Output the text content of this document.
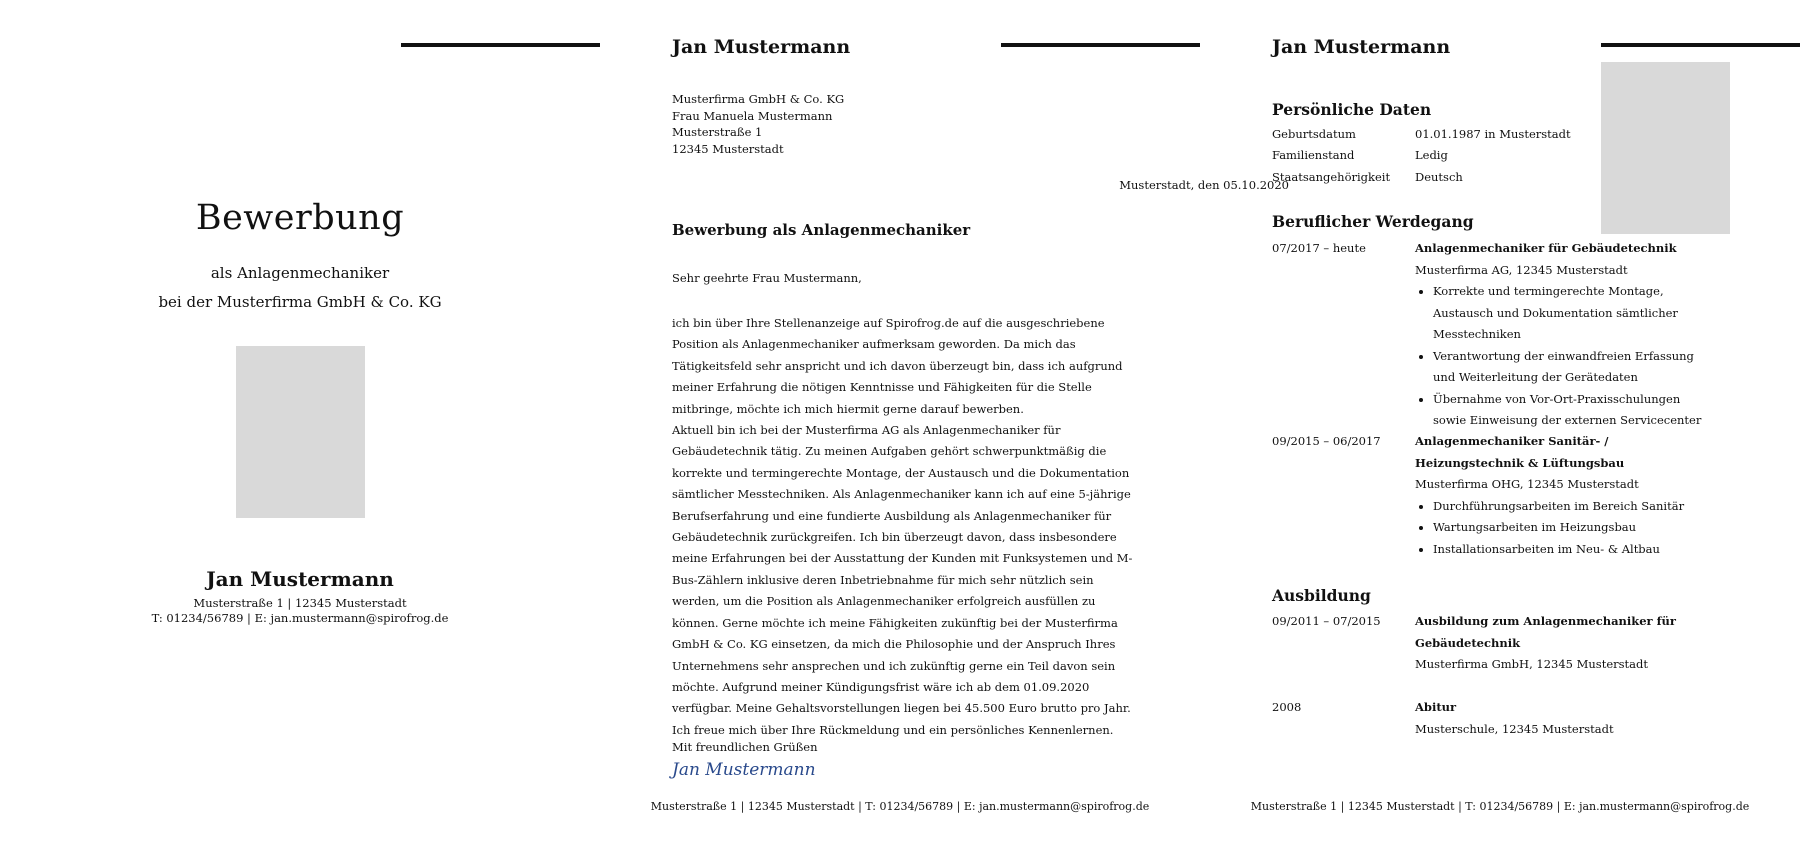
Bewerbung
als Anlagenmechaniker
bei der Musterfirma GmbH & Co. KG
Jan Mustermann
Musterstraße 1 | 12345 Musterstadt
T: 01234/56789 | E: jan.mustermann@spirofrog.de
Jan Mustermann
Musterfirma GmbH & Co. KG
Frau Manuela Mustermann
Musterstraße 1
12345 Musterstadt
Musterstadt, den 05.10.2020
Bewerbung als Anlagenmechaniker
Sehr geehrte Frau Mustermann,

ich bin über Ihre Stellenanzeige auf Spirofrog.de auf die ausgeschriebene Position als Anlagenmechaniker aufmerksam geworden. Da mich das Tätigkeitsfeld sehr anspricht und ich davon überzeugt bin, dass ich aufgrund meiner Erfahrung die nötigen Kenntnisse und Fähigkeiten für die Stelle mitbringe, möchte ich mich hiermit gerne darauf bewerben.

Aktuell bin ich bei der Musterfirma AG als Anlagenmechaniker für Gebäudetechnik tätig. Zu meinen Aufgaben gehört schwerpunktmäßig die korrekte und termingerechte Montage, der Austausch und die Dokumentation sämtlicher Messtechniken. Als Anlagenmechaniker kann ich auf eine 5-jährige Berufserfahrung und eine fundierte Ausbildung als Anlagenmechaniker für Gebäudetechnik zurückgreifen. Ich bin überzeugt davon, dass insbesondere meine Erfahrungen bei der Ausstattung der Kunden mit Funksystemen und M-Bus-Zählern inklusive deren Inbetriebnahme für mich sehr nützlich sein werden, um die Position als Anlagenmechaniker erfolgreich ausfüllen zu können. Gerne möchte ich meine Fähigkeiten zukünftig bei der Musterfirma GmbH & Co. KG einsetzen, da mich die Philosophie und der Anspruch Ihres Unternehmens sehr ansprechen und ich zukünftig gerne ein Teil davon sein möchte. Aufgrund meiner Kündigungsfrist wäre ich ab dem 01.09.2020 verfügbar. Meine Gehaltsvorstellungen liegen bei 45.500 Euro brutto pro Jahr. Ich freue mich über Ihre Rückmeldung und ein persönliches Kennenlernen.

Mit freundlichen Grüßen
Jan Mustermann
Musterstraße 1 | 12345 Musterstadt | T: 01234/56789 | E: jan.mustermann@spirofrog.de
Jan Mustermann
Persönliche Daten
Geburtsdatum	01.01.1987 in Musterstadt
Familienstand	Ledig
Staatsangehörigkeit Deutsch
Beruflicher Werdegang
07/2017 – heute	Anlagenmechaniker für Gebäudetechnik
Musterfirma AG, 12345 Musterstadt
• Korrekte und termingerechte Montage, Austausch und Dokumentation sämtlicher Messtechniken
• Verantwortung der einwandfreien Erfassung und Weiterleitung der Gerätedaten
• Übernahme von Vor-Ort-Praxisschulungen sowie Einweisung der externen Servicecenter
09/2015 – 06/2017	Anlagenmechaniker Sanitär- / Heizungstechnik & Lüftungsbau
Musterfirma OHG, 12345 Musterstadt
• Durchführungsarbeiten im Bereich Sanitär
• Wartungsarbeiten im Heizungsbau
• Installationsarbeiten im Neu- & Altbau
Ausbildung
09/2011 – 07/2015	Ausbildung zum Anlagenmechaniker für Gebäudetechnik
Musterfirma GmbH, 12345 Musterstadt
2008	Abitur
Musterschule, 12345 Musterstadt
Musterstraße 1 | 12345 Musterstadt | T: 01234/56789 | E: jan.mustermann@spirofrog.de
